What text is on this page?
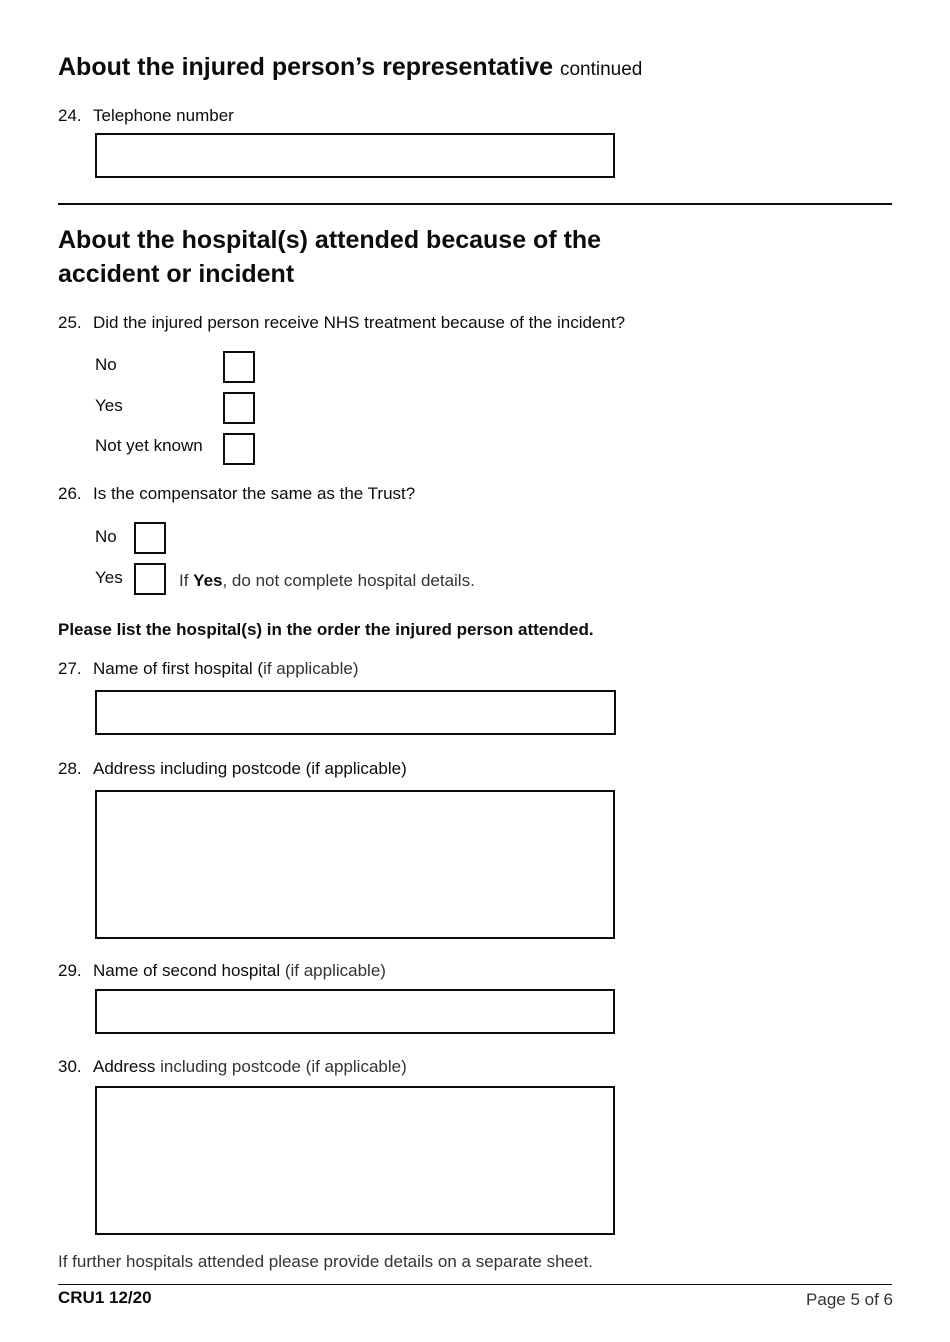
About the injured person’s representative continued
24. Telephone number
About the hospital(s) attended because of the
accident or incident
25. Did the injured person receive NHS treatment because of the incident?
No
Yes
Not yet known
26. Is the compensator the same as the Trust?
No
Yes	If Yes, do not complete hospital details.
Please list the hospital(s) in the order the injured person attended.
27. Name of first hospital (if applicable)
28. Address including postcode (if applicable)
29. Name of second hospital (if applicable)
30. Address including postcode (if applicable)
If further hospitals attended please provide details on a separate sheet.
CRU1 12/20	Page 5 of 6
